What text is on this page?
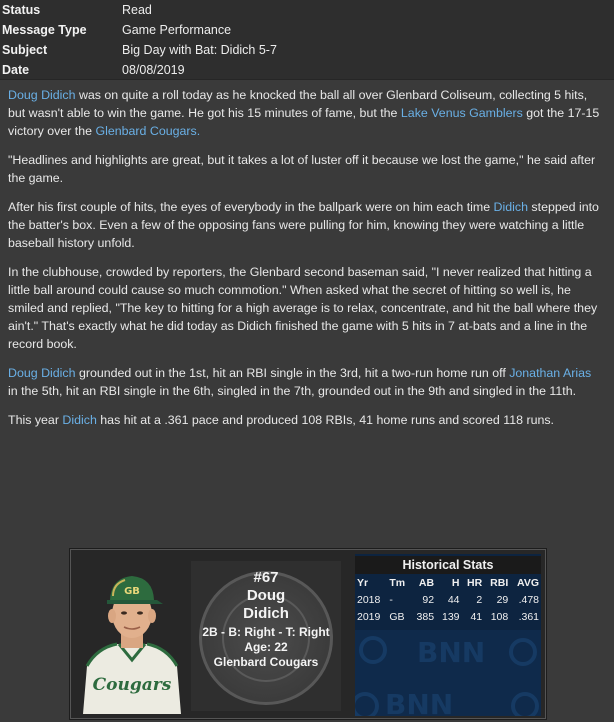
Status	Read
Message Type	Game Performance
Subject	Big Day with Bat: Didich 5-7
Date	08/08/2019

Doug Didich was on quite a roll today as he knocked the ball all over Glenbard Coliseum, collecting 5 hits, but wasn't able to win the game. He got his 15 minutes of fame, but the Lake Venus Gamblers got the 17-15 victory over the Glenbard Cougars.

"Headlines and highlights are great, but it takes a lot of luster off it because we lost the game," he said after the game.

After his first couple of hits, the eyes of everybody in the ballpark were on him each time Didich stepped into the batter's box. Even a few of the opposing fans were pulling for him, knowing they were watching a little baseball history unfold.

In the clubhouse, crowded by reporters, the Glenbard second baseman said, "I never realized that hitting a little ball around could cause so much commotion." When asked what the secret of hitting so well is, he smiled and replied, "The key to hitting for a high average is to relax, concentrate, and hit the ball where they ain't." That's exactly what he did today as Didich finished the game with 5 hits in 7 at-bats and a line in the record book.

Doug Didich grounded out in the 1st, hit an RBI single in the 3rd, hit a two-run home run off Jonathan Arias in the 5th, hit an RBI single in the 6th, singled in the 7th, grounded out in the 9th and singled in the 11th.

This year Didich has hit at a .361 pace and produced 108 RBIs, 41 home runs and scored 118 runs.

Cougars
GB
#67
Doug
Didich
2B - B: Right - T: Right
Age: 22
Glenbard Cougars	BNN
BNN
Historical Stats
Yr	Tm	AB	H	HR	RBI	AVG
2018	-	92	44	2	29	.478
2019	GB	385	139	41	108	.361
